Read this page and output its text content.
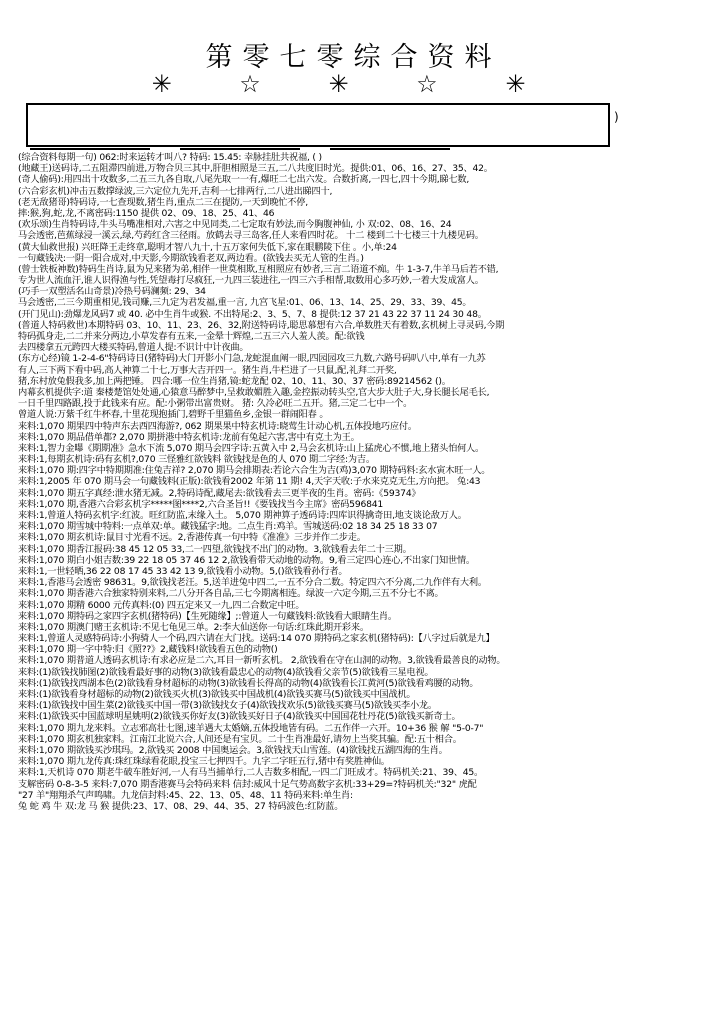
第零七零综合资料
✳ ☆ ✳ ☆ ✳
)
(综合资料每期一句) 062:时来运转才叫八? 特码: 15.45: 幸脉挂肚共祝福, ( )
(地藏王)送码诗,二五阻滞四前进,万物合贝三其中,肝胆相照是三五,二八共度旧时光。提供:01、06、16、27、35、42。
(奇人偷码):用四出十攻数多,二五三九各自取,八尾先取一一有,爆旺二七出六发。合数折离,一四七,四十今期,睇七数,
(六合彩玄机)冲击五数撑绿波,三六定位九先开,吉利一七排两行,二八进出睇四十,
(老无敌猪哥)特码诗,一七查现数,猪生肖,重点二三在提防,一天到晚忙不停,
摔:猴,狗,蛇,龙,不离密码:1150 提供 02、09、18、25、41、46
(欢乐颂)生肖特码诗,牛头马嘴准相对,六害之中见同类,二七定取有妙法,而今胸腹神仙, 小 双:02、08、16、24
马会透密,芭蕉绿浸一溪云,绿,芍药红含三径雨。放鹤去寻三岛客,任人来看四时花。 十二 楼到二十七楼三十九楼见码。
(黄大仙救世报) 兴旺降王走终章,聪明才智八九十,十五万家何失低下,家在眼鹏陵下住 。小,单:24
一句藏钱决:一阴一阳合成对,中天影,今期欲钱看老双,两边看。(欲钱去买无人管的生肖。)
(曾士铁板神数)特码生肖诗,鼠为兄来猪为弟,相伴一世莫相欺,互相照应有妙者,三言二语道不痴。牛 1-3-7,牛羊马后若不错,
专为世人流血汗,谁人识得渔与性,凭望毒打尽疯狂,一九四三装进往,一四三六手相帮,取数用心多巧妙,一着大发成富人。
(巧手一双塑活名山奇景)冷热号码澜频: 29、34
马会透密,二三今期重相见,钱司赚,三九定为君发福,重一言, 九宫飞星:01、06、13、14、25、29、33、39、45。
(开门见山):劲爆龙风码7 或 40. 必中生肖牛或猴. 不出特尾:2、3、5、7、8 提供:12 37 21 43 22 37 11 24 30 48。
(普道人特码救世)本期特码 03、10、11、23、26、32,附送特码诗,聪思慕想有六合,单数胜天有着数,玄机树上寻灵码,今期
特码孤身走,二二并来分两边,小草发春有五来,一金晕十辉煌,二五三六人羞人羡。配:欲钱
去四楼拿五元跨四大楼买特码,曾道人提:不识计中计夜曲。
(东方心经)镜 1-2-4-6"特码诗日(猪特码)大门开影小门急,龙蛇混血阐一眼,四园园攻三九数,六路号码叭八中,单有一九苏
有人,三下两下看中码,高人神算二十七,万事大吉开四一。猪生肖,牛栏进了一只鼠,配,礼拜二开奖,
猪,东村放兔假我多,加上两把锤。 四合:哪一位生肖猪,镜:蛇龙配 02、10、11、30、37 密码:89214562 ()。
内幕玄机提供字:道 秦楼楚馆处处通,心猿意马醉梦中,呈救敢媚胜入趣,金控振动转头空,官大步大肚子大,身长腿长尾毛长,
一日千里四路跟,投于此钱来有应。配:小粥带出富贵财。 猪: 久冷必旺二五开。猪,三定二七中一个。
曾道人说:万紫千红牛杯春,十里花现抱插门,碧野千里猫鱼乡,金银一群闹阳春 。
来料:1,070 期果四中特声东去西四海游?, 062 期果果中特玄机诗:晓莺生计动心机,五体投地巧应付。
来料:1,070 期品借单都? 2,070 期拼港中特玄机诗:龙前有兔起六害,害中有克土为王。
来料:1,智力金曝《期期准》急水下流 5,070 期马会四字诗:五黄入中 2,马会玄机诗:山上猛虎心不惯,地上猪头怕何人。
来料:1,每期玄机诗:码有玄机?,070 三怪雅红欲钱料 欲钱找是色的人 070 期二字经:为吉。
来料:1,070 期:四字中特期期准:住兔吉祥? 2,070 期马会排期表:若论六合生为吉(鸡)3,070 期特码料:玄水寅木旺一人。
来料:1,2005 年 070 期马会一句藏钱料(正版):欲钱看2002 年第 11 期! 4,天字天收:子水来克克无生,方向把。 兔:43
来料:1,070 期五字真经:泄水猪无减。2,特码诗配,藏尾去:欲钱看去三更半夜的生肖。密码:《59374》
来料:1,070 期,香港六合彩玄机字*****图****2,六合圣旨!!《要钱找当今主席》密码596841
来料:1,曾道人特码玄机字:红波。旺红防监,末缘入土。 5,070 期神算子透码诗:四库识得擒奇田,地支谈论敌万人。
来料:1,070 期雪城中特料:一点单双:单。藏钱猛字:地。二点生肖:鸡羊。雪城送码:02 18 34 25 18 33 07
来料:1,070 期玄机诗:鼠目寸光看不远。2,香港传真一句中特《准准》三步并作二步走。
来料:1,070 期香江报码:38 45 12 05 33,二一四望,欲钱找不出门的动物。3,欲钱看去年二十三期。
来料:1,070 期白小姐吉数:39 22 18 05 37 46 12 2,欲钱看带天动地的动物。9,看三定四心连心,不出家门知世情。
来料:1,一世轻晒,36 22 08 17 45 33 42 13 9,欲钱看小动物。5,()欲钱看孙行者。
来料:1,香港马会透密 98631。9,欲钱找老汪。5,送羊进兔中四二,一五不分合二数。特定四六不分离,二九作伴有大利。
来料:1,070 期香港六合独家特别来料,二八分开各自品,三七今期离相连。绿波一六定今期,三五不分七不离。
来料:1,070 期精 6000 元传真料:(0) 四五定来又一九,四二合数定中旺。
来料:1,070 期特码之家四字玄机(猪特码)【生死随缘】;:曾道人一句藏钱料:欲钱看大眼睛生肖。
来料:1,070 期澳门赌王玄机诗:不见七龟见三单。2:李大仙送你一句话:红珠此期开彩来。
来料:1,曾道人灵感特码诗:小狗骑人一个码,四六请在大门找。送码:14 070 期特码之家玄机(猪特码):【八字过后就是九】
来料:1,070 期一字中特:归《照??》2,藏钱料!欲钱看五色的动物()
来料:1,070 期普道人透码玄机诗:有求必应是二六,耳目一新听玄机。 2,欲钱看在守在山洞的动物。3,欲钱看最善良的动物。
来料:(1)欲钱找肺图(2)欲钱看最好事的动物(3)欲钱看最忠心的动物(4)欲钱看父亲节(5)欲钱看三星电视。
来料:(1)欲钱找西湖本色(2)欲钱看身材超标的动物(3)欲钱看长得高的动物(4)欲钱看长江黄河(5)欲钱看鸡腰的动物。
来料:(1)欲钱看身材超标的动物(2)欲钱买火机(3)欲钱买中国战机(4)欲钱买赛马(5)欲钱买中国战机。
来料:(1)欲钱找中国生菜(2)欲钱买中国一带(3)欲钱找女子(4)欲钱找欢乐(5)欲钱买赛马(5)欲钱买李小龙。
来料:(1)欲钱买中国蓝球明星姚明(2)欲钱买你好友(3)欲钱买好日子(4)欲钱买中国国花牡丹花(5)欲钱买新奇士。
来料:1,070 期九龙来料。立志邪高壮七图,速羊遇大太婚嫡,五体投地皆有码。二五作伴一六开。10+36 猴 解 "5-0-7"
来料:1,070 期玄机独家料。江南江北说六合,人间还是有宝贝。二十生肖准最好,请勿上当奖其骗。配:五十相合。
来料:1,070 期欲钱买沙琪玛。2,欲钱买 2008 中国奥运会。3,欲钱找天山雪莲。(4)欲钱找五湖四海的生肖。
来料:1,070 期九龙传真:珠红珠绿看花眼,投宝三七押四千。九字二字旺五行,猪中有奖胜神仙。
来料:1,天机诗 070 期老牛破车胜好河,一人有马当捕单行,二人吉数多相配,一四二门旺成才。特码机关:21、39、45。
支解密码 0-8-3-5 来料:7,070 期香港赛马会特码来料 信封:威风十足气势高数字玄机:33+29=?特码机关:"32" 虎配
"27 羊"翔翔杀气声鸣啸。九龙信封料:45、22、13、05、48、11 特码来料:单生肖:
兔 蛇 鸡 牛 双:龙 马 猴 提供:23、17、08、29、44、35、27 特码波色:红防蓝。
